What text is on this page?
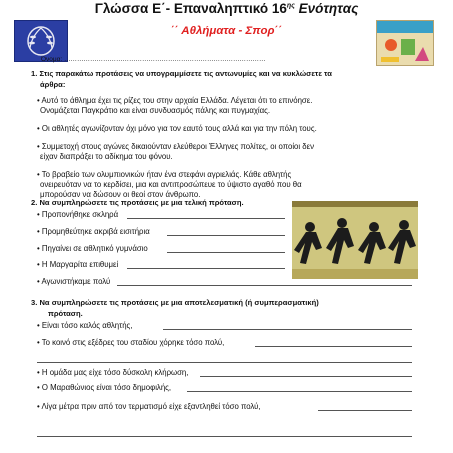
Γλώσσα Ε΄- Επαναληπτικό $16^{\eta\varsigma}$ Ενότητας
΄΄ Αθλήματα - Σπορ΄΄
Όνομα: …………………………………………………………………………………
1. Στις παρακάτω προτάσεις να υπογραμμίσετε τις αντωνυμίες και να κυκλώσετε τα
άρθρα:
• Αυτό το άθλημα έχει τις ρίζες του στην αρχαία Ελλάδα. Λέγεται ότι το επινόησε.
Ονομάζεται Παγκράτιο και είναι συνδυασμός πάλης και πυγμαχίας.
• Οι αθλητές αγωνίζονταν όχι μόνο για τον εαυτό τους αλλά και για την πόλη τους.
• Συμμετοχή στους αγώνες δικαιούνταν ελεύθεροι Έλληνες πολίτες, οι οποίοι δεν
είχαν διαπράξει το αδίκημα του φόνου.
• Το βραβείο των ολυμπιονικών ήταν ένα στεφάνι αγριελιάς. Κάθε αθλητής
ονειρευόταν να το κερδίσει, μια και αντιπροσώπευε το ύψιστο αγαθό που θα
μπορούσαν να δώσουν οι θεοί στον άνθρωπο.
2. Να συμπληρώσετε τις προτάσεις με μια τελική πρόταση.
• Προπονήθηκε σκληρά
• Προμηθεύτηκε ακριβά εισιτήρια
• Πηγαίνει σε αθλητικό γυμνάσιο
• Η Μαργαρίτα επιθυμεί
• Αγωνιστήκαμε πολύ
3. Να συμπληρώσετε τις προτάσεις με μια αποτελεσματική (ή συμπερασματική)
πρόταση.
• Είναι τόσο καλός αθλητής,
• Το κοινό στις εξέδρες του σταδίου χόρηκε τόσο πολύ,
• Η ομάδα μας είχε τόσο δύσκολη κλήρωση,
• Ο Μαραθώνιος είναι τόσο δημοφιλής,
• Λίγα μέτρα πριν από τον τερματισμό είχε εξαντληθεί τόσο πολύ,
